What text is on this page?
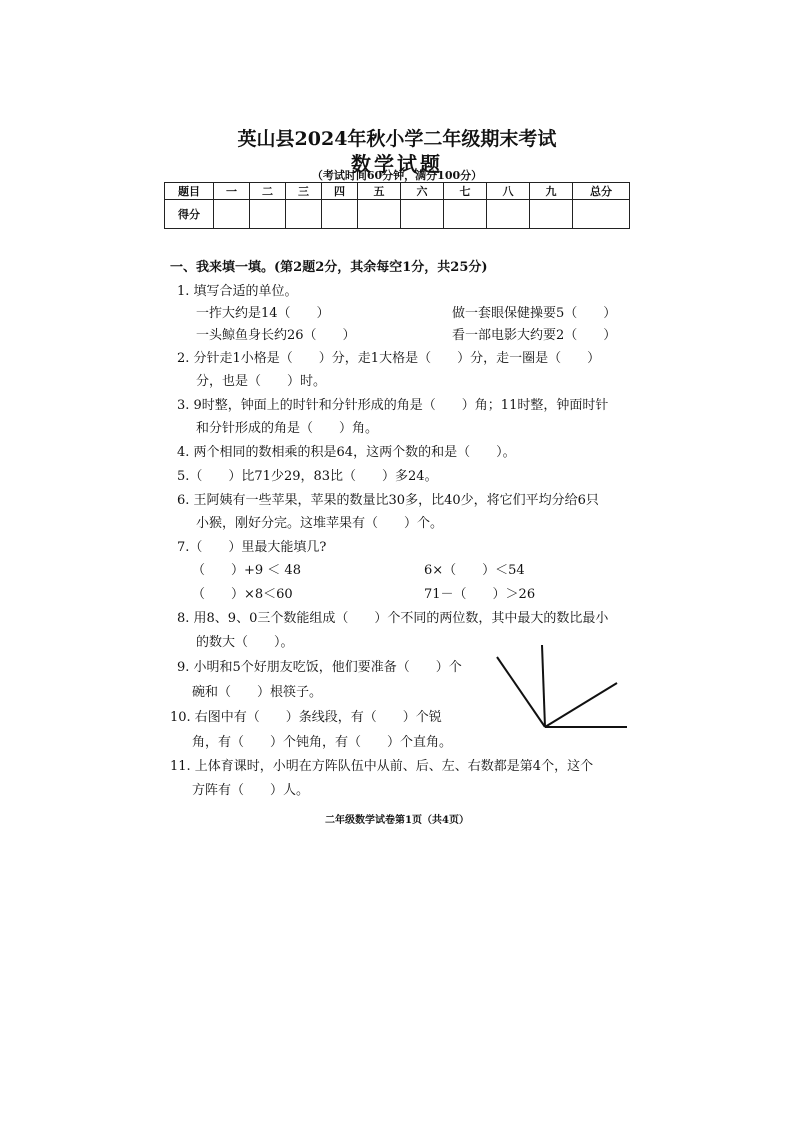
英山县2024年秋小学二年级期末考试
数学试题
（考试时间60分钟，满分100分）
题目	一	二	三	四	五	六	七	八	九	总分
得分										
一、我来填一填。(第2题2分，其余每空1分，共25分)
1. 填写合适的单位。
一拃大约是14（　　）	做一套眼保健操要5（　　）
一头鲸鱼身长约26（　　）	看一部电影大约要2（　　）
2. 分针走1小格是（　　）分，走1大格是（　　）分，走一圈是（　　）
分，也是（　　）时。
3. 9时整，钟面上的时针和分针形成的角是（　　）角；11时整，钟面时针
和分针形成的角是（　　）角。
4. 两个相同的数相乘的积是64，这两个数的和是（　　）。
5.（　　）比71少29，83比（　　）多24。
6. 王阿姨有一些苹果，苹果的数量比30多，比40少，将它们平均分给6只
小猴，刚好分完。这堆苹果有（　　）个。
7.（　　）里最大能填几?
（　　）+9 ＜ 48	6×（　　）＜54
（　　）×8＜60	71－（　　）＞26
8. 用8、9、0三个数能组成（　　）个不同的两位数，其中最大的数比最小
的数大（　　）。
9. 小明和5个好朋友吃饭，他们要准备（　　）个
碗和（　　）根筷子。
10. 右图中有（　　）条线段，有（　　）个锐
角，有（　　）个钝角，有（　　）个直角。
11. 上体育课时，小明在方阵队伍中从前、后、左、右数都是第4个，这个
方阵有（　　）人。
二年级数学试卷第1页（共4页）
